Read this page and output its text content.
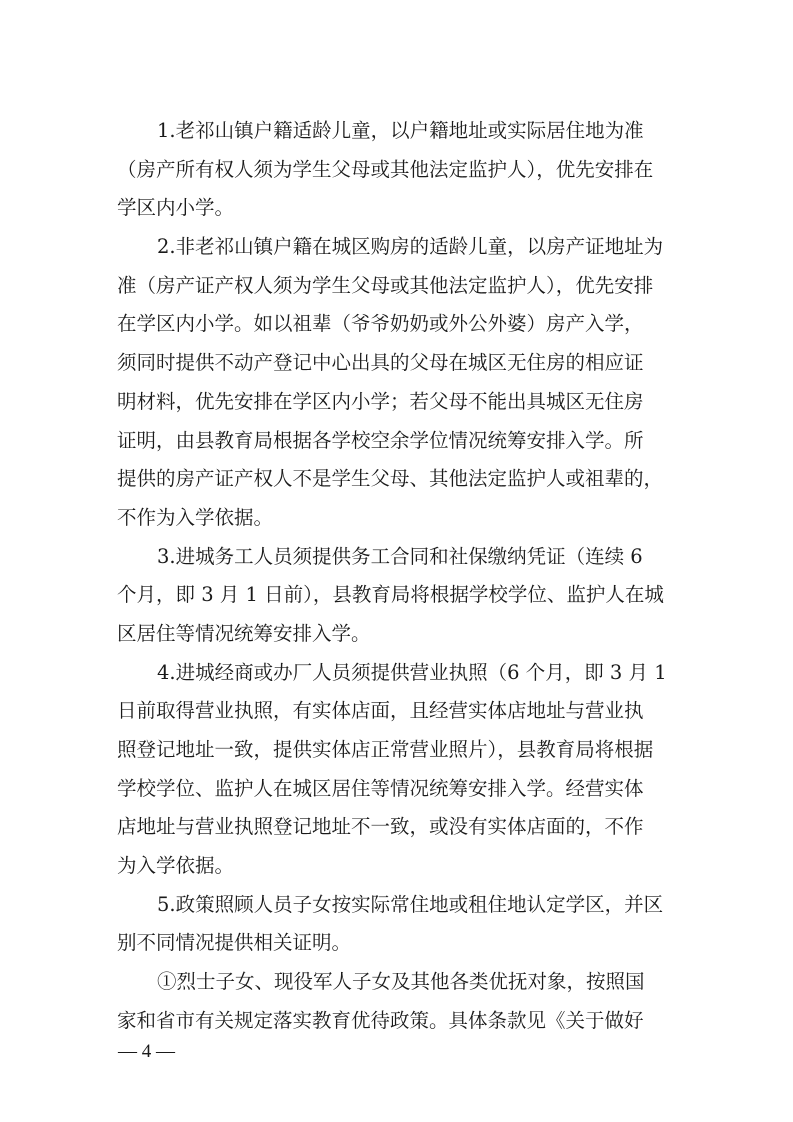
1.老祁山镇户籍适龄儿童，以户籍地址或实际居住地为准
（房产所有权人须为学生父母或其他法定监护人），优先安排在
学区内小学。
2.非老祁山镇户籍在城区购房的适龄儿童，以房产证地址为
准（房产证产权人须为学生父母或其他法定监护人），优先安排
在学区内小学。如以祖辈（爷爷奶奶或外公外婆）房产入学，
须同时提供不动产登记中心出具的父母在城区无住房的相应证
明材料，优先安排在学区内小学；若父母不能出具城区无住房
证明，由县教育局根据各学校空余学位情况统筹安排入学。所
提供的房产证产权人不是学生父母、其他法定监护人或祖辈的，
不作为入学依据。
3.进城务工人员须提供务工合同和社保缴纳凭证（连续 6
个月，即 3 月 1 日前），县教育局将根据学校学位、监护人在城
区居住等情况统筹安排入学。
4.进城经商或办厂人员须提供营业执照（6 个月，即 3 月 1
日前取得营业执照，有实体店面，且经营实体店地址与营业执
照登记地址一致，提供实体店正常营业照片），县教育局将根据
学校学位、监护人在城区居住等情况统筹安排入学。经营实体
店地址与营业执照登记地址不一致，或没有实体店面的，不作
为入学依据。
5.政策照顾人员子女按实际常住地或租住地认定学区，并区
别不同情况提供相关证明。
①烈士子女、现役军人子女及其他各类优抚对象，按照国
家和省市有关规定落实教育优待政策。具体条款见《关于做好
— 4 —
